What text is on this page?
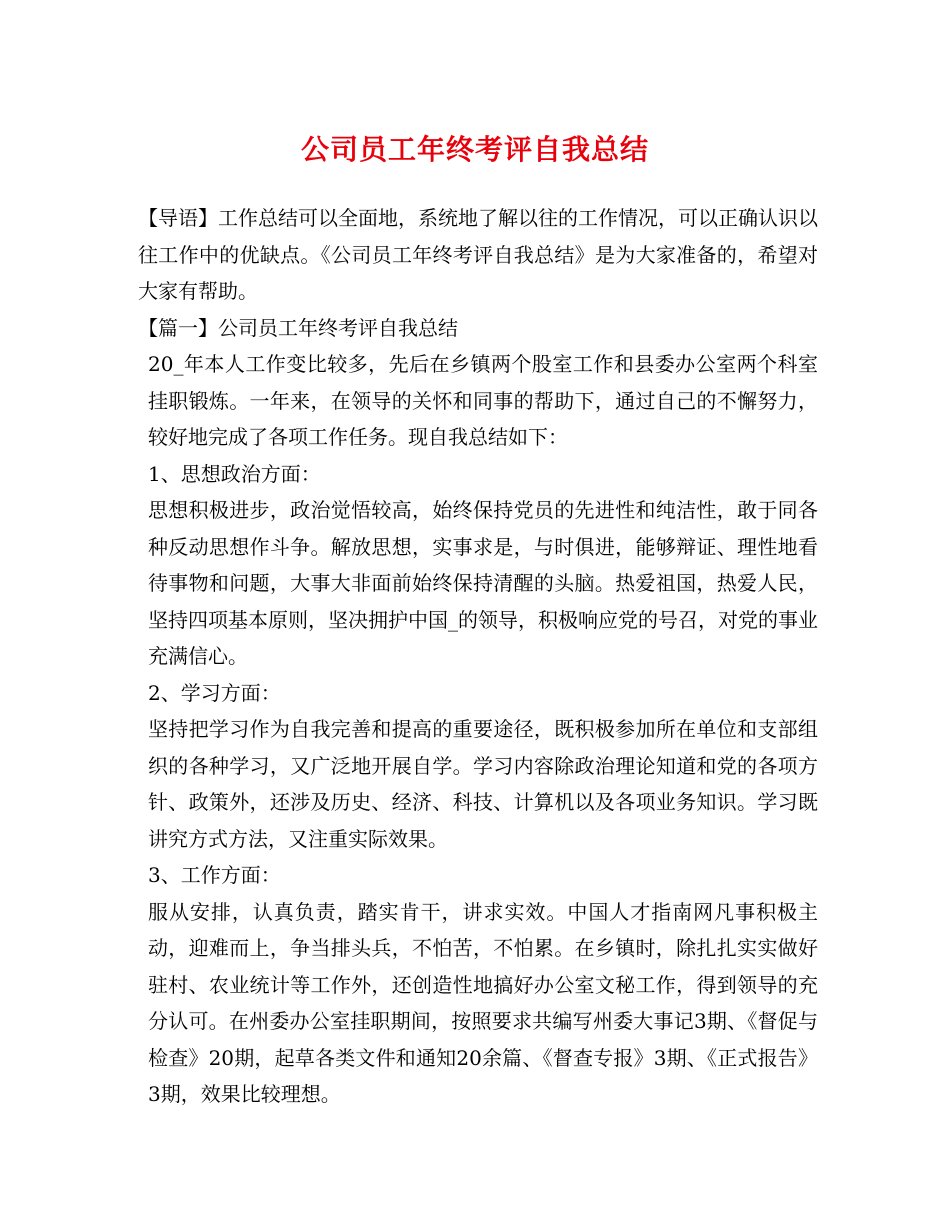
公司员工年终考评自我总结

【导语】工作总结可以全面地，系统地了解以往的工作情况，可以正确认识以往工作中的优缺点。《公司员工年终考评自我总结》是为大家准备的，希望对大家有帮助。

【篇一】公司员工年终考评自我总结

20_年本人工作变比较多，先后在乡镇两个股室工作和县委办公室两个科室挂职锻炼。一年来，在领导的关怀和同事的帮助下，通过自己的不懈努力，较好地完成了各项工作任务。现自我总结如下：

1、思想政治方面：

思想积极进步，政治觉悟较高，始终保持党员的先进性和纯洁性，敢于同各种反动思想作斗争。解放思想，实事求是，与时俱进，能够辩证、理性地看待事物和问题，大事大非面前始终保持清醒的头脑。热爱祖国，热爱人民，坚持四项基本原则，坚决拥护中国_的领导，积极响应党的号召，对党的事业充满信心。

2、学习方面：

坚持把学习作为自我完善和提高的重要途径，既积极参加所在单位和支部组织的各种学习，又广泛地开展自学。学习内容除政治理论知道和党的各项方针、政策外，还涉及历史、经济、科技、计算机以及各项业务知识。学习既讲究方式方法，又注重实际效果。

3、工作方面：

服从安排，认真负责，踏实肯干，讲求实效。中国人才指南网凡事积极主动，迎难而上，争当排头兵，不怕苦，不怕累。在乡镇时，除扎扎实实做好驻村、农业统计等工作外，还创造性地搞好办公室文秘工作，得到领导的充分认可。在州委办公室挂职期间，按照要求共编写州委大事记3期、《督促与检查》20期，起草各类文件和通知20余篇、《督查专报》3期、《正式报告》3期，效果比较理想。
